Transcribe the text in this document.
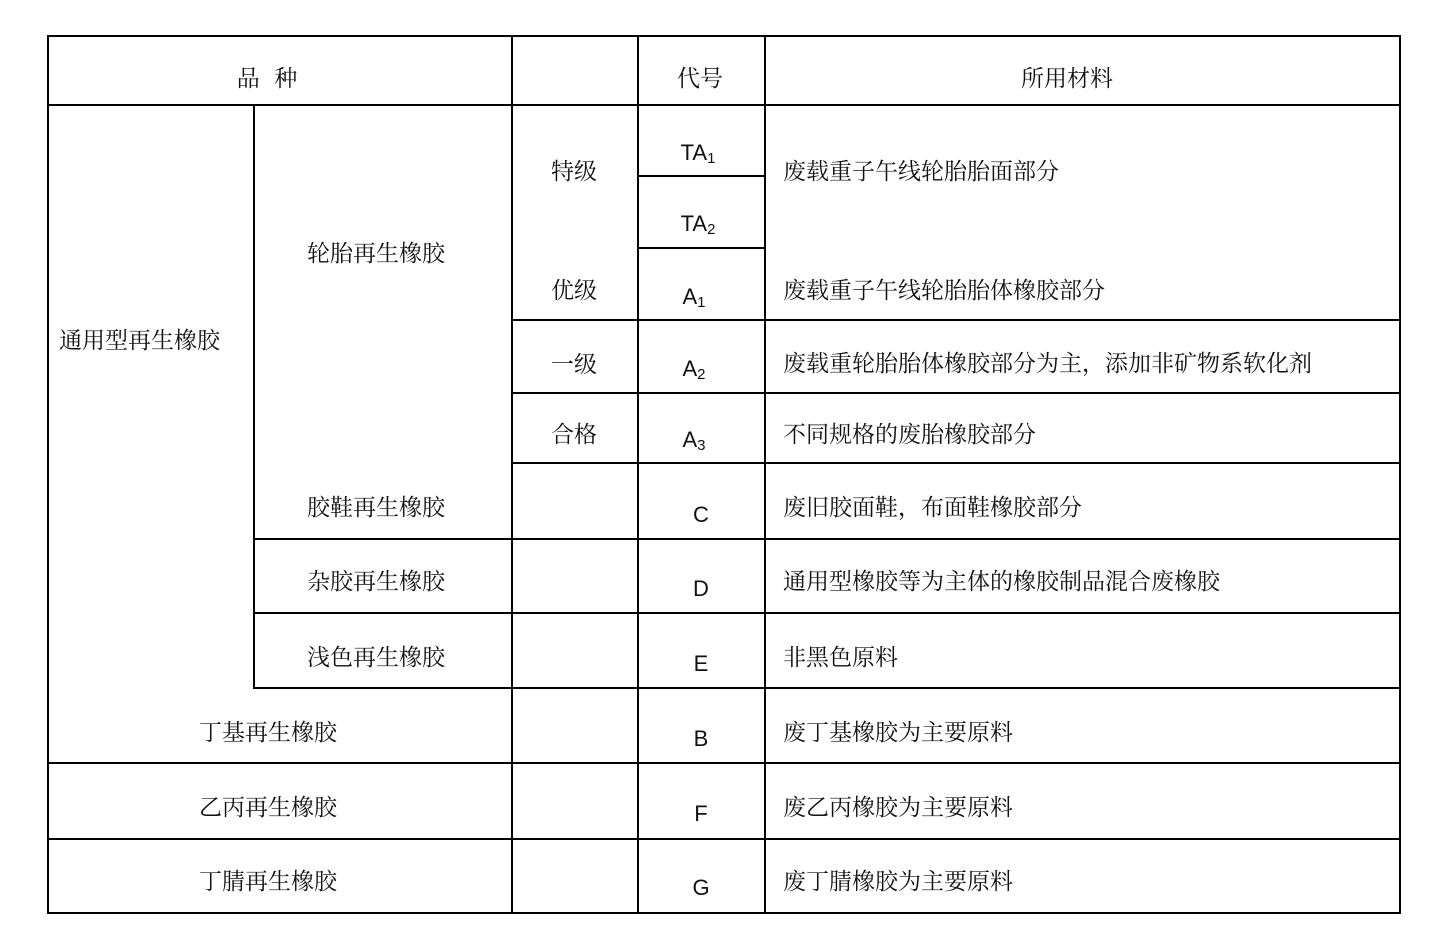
品  种	代号	所用材料
通用型再生橡胶
轮胎再生橡胶
特级
优级
一级
合格
$TA_1$
$TA_2$
$A_1$
$A_2$
$A_3$
C
D
E
B
F
G
废载重子午线轮胎胎面部分
废载重子午线轮胎胎体橡胶部分
废载重轮胎胎体橡胶部分为主，添加非矿物系软化剂
不同规格的废胎橡胶部分
废旧胶面鞋，布面鞋橡胶部分
通用型橡胶等为主体的橡胶制品混合废橡胶
非黑色原料
废丁基橡胶为主要原料
废乙丙橡胶为主要原料
废丁腈橡胶为主要原料
胶鞋再生橡胶
杂胶再生橡胶
浅色再生橡胶
丁基再生橡胶
乙丙再生橡胶
丁腈再生橡胶
